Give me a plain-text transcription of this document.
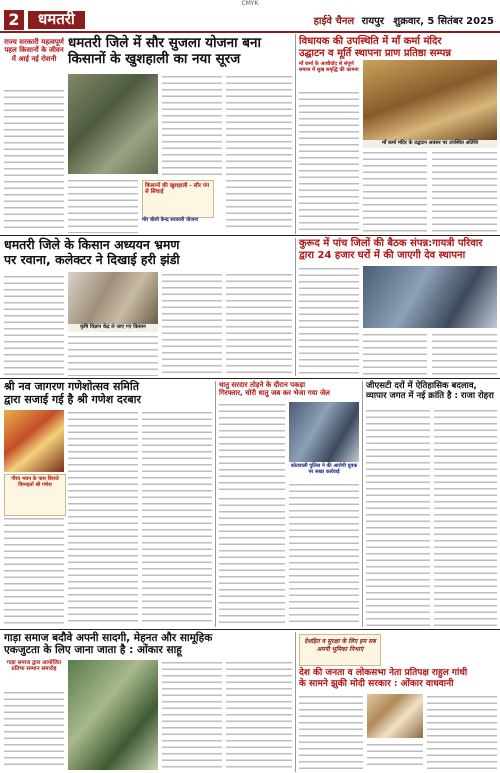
CMYK
2	धमतरी	हाईवे चैनल रायपुर शुक्रवार, 5 सितंबर 2025
राज्य सरकारी महत्वपूर्ण पहल किसानों के जीवन में आई नई रोशनी
धमतरी जिले में सौर सुजला योजना बना
किसानों के खुशहाली का नया सूरज
किसानों की खुशहाली - सौर पंप से सिंचाई
मोर बोलो केन्द्र सरकारी योजना
विधायक की उपस्थिति में माँ कर्मा मंदिर
उद्घाटन व मूर्ति स्थापना प्राण प्रतिष्ठा सम्पन्न
माँ कर्मा के आशीर्वाद से संपूर्ण समाज में सुख समृद्धि की कामना
माँ कर्मा मंदिर के उद्घाटन अवसर पर उपस्थित अतिथि
धमतरी जिले के किसान अध्ययन भ्रमण
पर रवाना, कलेक्टर ने दिखाई हरी झंडी
कृषि विज्ञान केंद्र ले जाए गए किसान
कुरूद में पांच जिलों की बैठक संपन्न:गायत्री परिवार
द्वारा 24 हजार घरों में की जाएगी देव स्थापना
श्री नव जागरण गणेशोत्सव समिति
द्वारा सजाई गई है श्री गणेश दरबार
गौरव भवन के पास विराजे विघ्नहर्ता श्री गणेश
धातु सरदार तोड़ने के दौरान पकड़ा
गिरफ्तार, चोरी धातु जब कर भेजा गया जेल
कोतवाली पुलिस ने की आरोपी युवक पर सख्त कार्रवाई
जीएसटी दरों में ऐतिहासिक बदलाव,
व्यापार जगत में नई क्रांति है : राजा रोहरा
गाड़ा समाज बदौवे अपनी सादगी, मेहनत और सामूहिक
एकजुटता के लिए जाना जाता है : ओंकार साहू
गाड़ा समाज द्वारा आयोजित प्रतिभा सम्मान समारोह
देशहित व सुरक्षा के लिए हम सब अपनी भूमिका निभाएं
देश की जनता व लोकसभा नेता प्रतिपक्ष राहुल गांधी
के सामने झुकी मोदी सरकार : ओंकार वाधवानी
